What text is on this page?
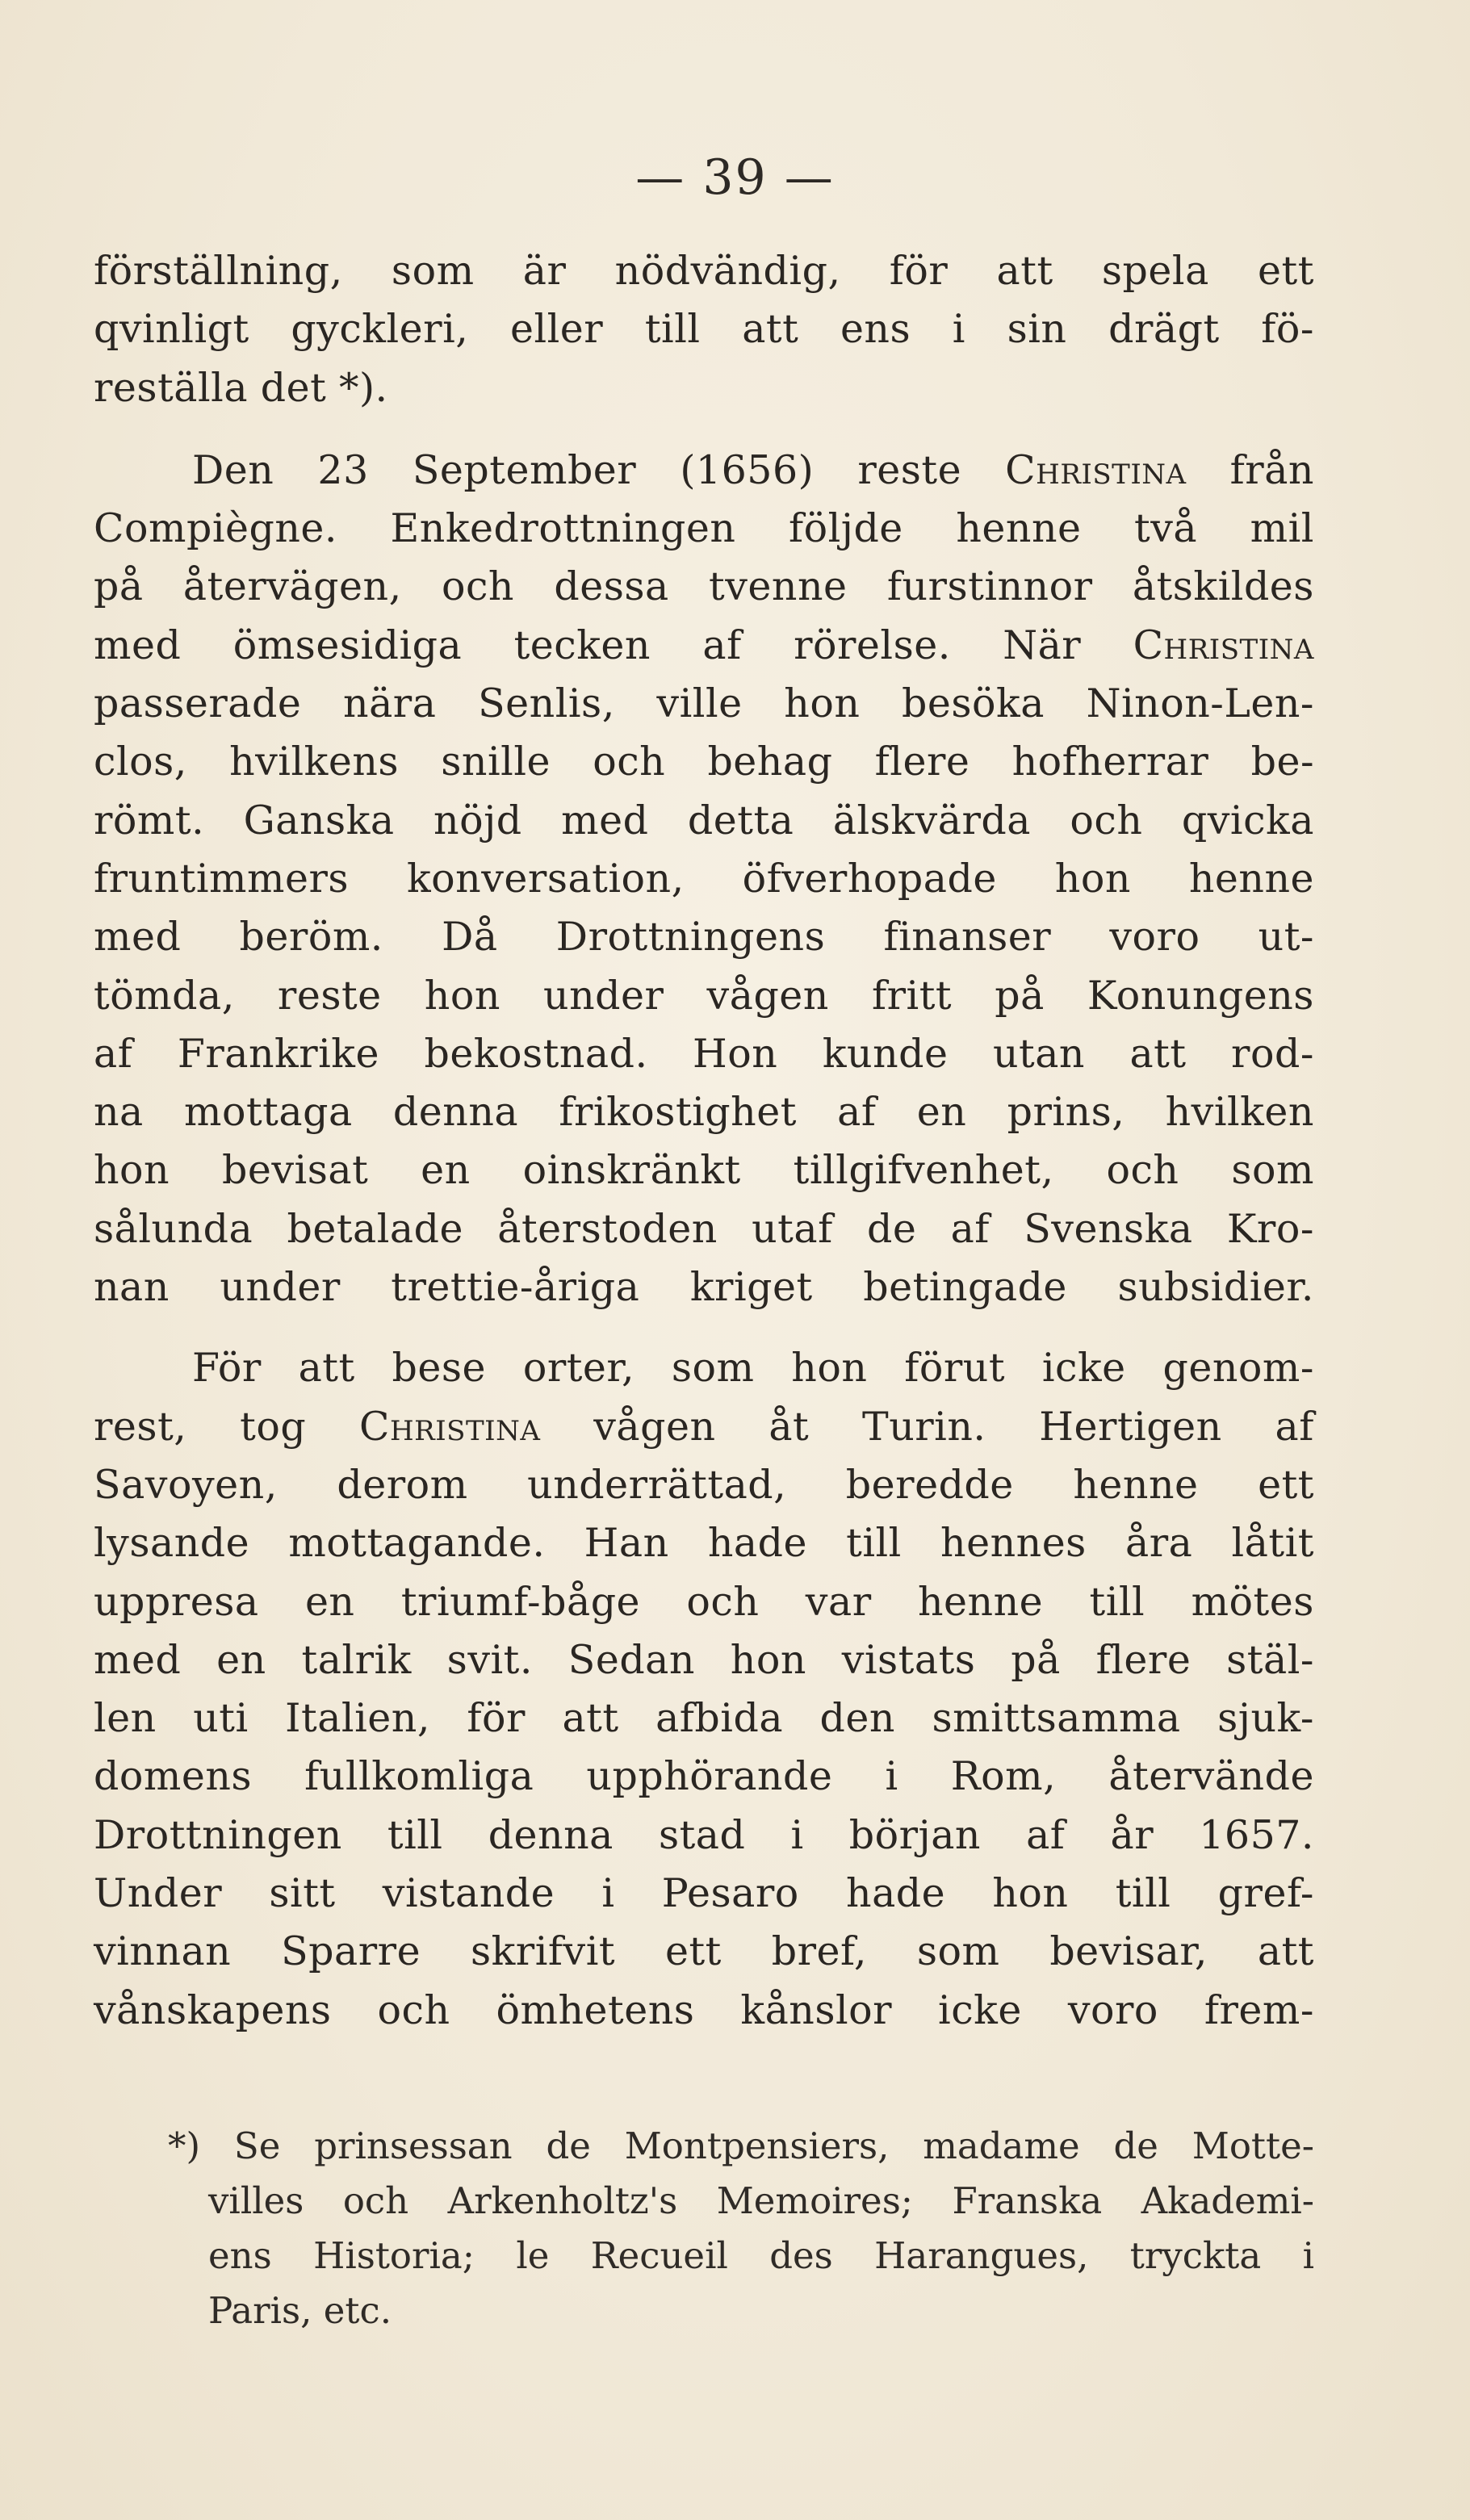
— 39 —
förställning, som är nödvändig, för att spela ett
qvinligt gyckleri, eller till att ens i sin drägt fö-
reställa det *).
Den 23 September (1656) reste Christina från
Compiègne. Enkedrottningen följde henne två mil
på återvägen, och dessa tvenne furstinnor åtskildes
med ömsesidiga tecken af rörelse. När Christina
passerade nära Senlis, ville hon besöka Ninon-Len-
clos, hvilkens snille och behag flere hofherrar be-
römt. Ganska nöjd med detta älskvärda och qvicka
fruntimmers konversation, öfverhopade hon henne
med beröm. Då Drottningens finanser voro ut-
tömda, reste hon under vågen fritt på Konungens
af Frankrike bekostnad. Hon kunde utan att rod-
na mottaga denna frikostighet af en prins, hvilken
hon bevisat en oinskränkt tillgifvenhet, och som
sålunda betalade återstoden utaf de af Svenska Kro-
nan under trettie-åriga kriget betingade subsidier.
För att bese orter, som hon förut icke genom-
rest, tog Christina vågen åt Turin. Hertigen af
Savoyen, derom underrättad, beredde henne ett
lysande mottagande. Han hade till hennes åra låtit
uppresa en triumf-båge och var henne till mötes
med en talrik svit. Sedan hon vistats på flere stäl-
len uti Italien, för att afbida den smittsamma sjuk-
domens fullkomliga upphörande i Rom, återvände
Drottningen till denna stad i början af år 1657.
Under sitt vistande i Pesaro hade hon till gref-
vinnan Sparre skrifvit ett bref, som bevisar, att
vånskapens och ömhetens kånslor icke voro frem-
*) Se prinsessan de Montpensiers, madame de Motte-
villes och Arkenholtz's Memoires; Franska Akademi-
ens Historia; le Recueil des Harangues, tryckta i
Paris, etc.
